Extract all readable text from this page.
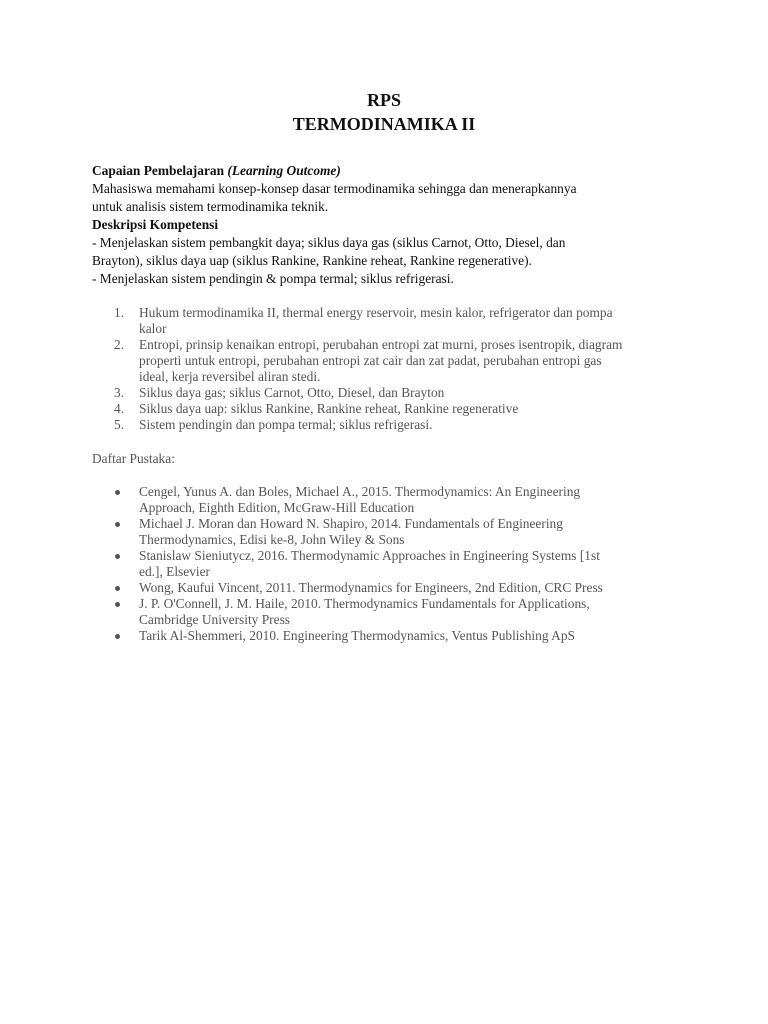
RPS
TERMODINAMIKA II

Capaian Pembelajaran (Learning Outcome)

Mahasiswa memahami konsep-konsep dasar termodinamika sehingga dan menerapkannya

untuk analisis sistem termodinamika teknik.

Deskripsi Kompetensi

- Menjelaskan sistem pembangkit daya; siklus daya gas (siklus Carnot, Otto, Diesel, dan

Brayton), siklus daya uap (siklus Rankine, Rankine reheat, Rankine regenerative).

- Menjelaskan sistem pendingin & pompa termal; siklus refrigerasi.

1. Hukum termodinamika II, thermal energy reservoir, mesin kalor, refrigerator dan pompa
kalor
2. Entropi, prinsip kenaikan entropi, perubahan entropi zat murni, proses isentropik, diagram
properti untuk entropi, perubahan entropi zat cair dan zat padat, perubahan entropi gas
ideal, kerja reversibel aliran stedi.
3. Siklus daya gas; siklus Carnot, Otto, Diesel, dan Brayton
4. Siklus daya uap: siklus Rankine, Rankine reheat, Rankine regenerative
5. Sistem pendingin dan pompa termal; siklus refrigerasi.
Daftar Pustaka:
Cengel, Yunus A. dan Boles, Michael A., 2015. Thermodynamics: An Engineering
Approach, Eighth Edition, McGraw-Hill Education
Michael J. Moran dan Howard N. Shapiro, 2014. Fundamentals of Engineering
Thermodynamics, Edisi ke-8, John Wiley & Sons
Stanislaw Sieniutycz, 2016. Thermodynamic Approaches in Engineering Systems [1st
ed.], Elsevier
Wong, Kaufui Vincent, 2011. Thermodynamics for Engineers, 2nd Edition, CRC Press
J. P. O'Connell, J. M. Haile, 2010. Thermodynamics Fundamentals for Applications,
Cambridge University Press
Tarik Al-Shemmeri, 2010. Engineering Thermodynamics, Ventus Publishing ApS
